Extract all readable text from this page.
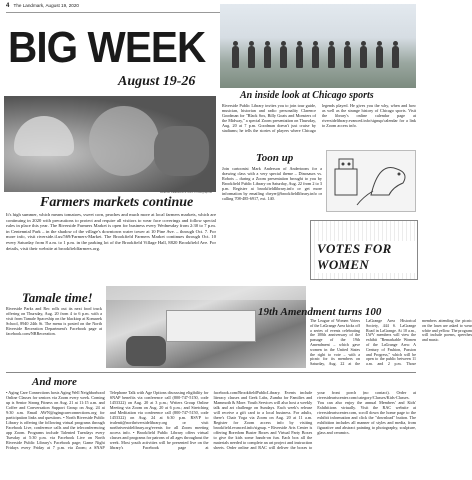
4 The Landmark, August 19, 2020
BIG WEEK
August 19-26
BLEND KEEGAN/STAFF Photographer
Farmers markets continue
It's high summer, which means tomatoes, sweet corn, peaches and much more at local farmers markets, which are continuing in 2020 with precautions to protect and require all visitors to wear face coverings and follow special rules in place this year. The Riverside Farmers Market is open for business every Wednesday from 2:30 to 7 p.m. in Centennial Park – in the shadow of the village's downtown water tower at 10 Pine Ave. – through Oct. 7. For more info, visit riverside.il.us/569/Farmers-Market. The Brookfield Farmers Market continues through Oct. 10 every Saturday from 8 a.m. to 1 p.m. in the parking lot of the Brookfield Village Hall, 8820 Brookfield Ave. For details, visit their website at brookfieldfarmers.org.
An inside look at Chicago sports
Riverside Public Library invites you to join tour guide, musician, historian and radio personality Clarence Goodman for "Black Sox, Billy Goats and Monsters of the Midway," a special Zoom presentation on Thursday, Aug. 20 at 7 p.m. Goodman doesn't just cruise by stadiums; he tells the stories of players where Chicago legends played. He gives you the why, when and how as well as the strange history of Chicago sports. Visit the library's online calendar page at riversidelibrary.evanced.info/signup/calendar for a link to Zoom access info.
Toon up
Join cartoonist Mark Anderson of Andertoons for a drawing class with a very special theme – Dinosaurs vs. Robots – during a Zoom presentation brought to you by Brookfield Public Library on Saturday, Aug. 22 from 2 to 3 p.m. Register at brookfieldlibrary.info or get more information by emailing cbeyer@brookfieldlibrary.info or calling 708-485-6917, ext. 140.
VOTES FOR WOMEN
Tamale time!
Riverside Parks and Rec rolls out its next food truck offering on Thursday, Aug. 20 from 4 to 6 p.m. with a visit from Tamale Spaceship on the blacktop at Komarek School, 8940 24th St. The menu is posted on the North Riverside Recreation Department's Facebook page at facebook.com/NRRecreation.
19th Amendment turns 100
The League of Women Voters of the LaGrange Area kicks off a series of events celebrating the 100th anniversary of the passage of the 19th Amendment – which gave women in the United States the right to vote – with a picnic for its members on Saturday, Aug. 22 at the LaGrange Area Historical Society, 444 S. LaGrange Road in LaGrange. At 10 a.m., LWV members will view the exhibit "Remarkable Women of the LaGrange Area: A Century of Fashion, Passion and Progress," which will be open to the public between 11 a.m. and 2 p.m. Those members attending the picnic on the lawn are asked to wear white and yellow. The program will include poems, speeches and music.
And more
• Aging Care Connections hosts Aging Well Neighborhood Online Classes for seniors via Zoom every week. Coming up is Senior Strong Fitness on Aug. 21 at 11:15 a.m. and Coffee and Conversation Support Group on Aug. 24 at 9:30 a.m. Email AWN@agingcareconnections.org for participation links and questions. • North Riverside Public Library is offering the following virtual programs through Facebook Live, conference calls and the teleconferencing app Zoom. Programs include Talented Tuesdays every Tuesday at 5:30 p.m. via Facebook Live on North Riverside Public Library's Facebook page; Game Night Fridays every Friday at 7 p.m. via Zoom; a SNAP Telephone Talk with Age Options discussing eligibility for SNAP benefits via conference call (800-747-5150, code 1453322) on Aug. 20 at 3 p.m.; Writers Group Online Meeting via Zoom on Aug. 20 at 6 p.m.; and Stretching and Meditation via conference call (800-747-5150, code 1453322) on Aug. 24 at 6:30 p.m. RSVP to tvalenti@northriversidelibrary.org or visit northriversidelibrary.org/events for all Zoom meeting access info. • Brookfield Public Library offers virtual classes and programs for patrons of all ages throughout the week. Most youth activities will be presented live on the library's Facebook page at facebook.com/BrookfieldPublicLibrary. Events include literacy classes and Geek Labs, Zumba for Families and Mammoth & More. Youth Services will also host a weekly talk and art challenge on Sundays. Each week's release will receive a gift card to a local business. For adults, there's Chair Yoga via Zoom on Aug. 20 at 11 a.m. Register for Zoom access info by visiting brookfield.evanced.info/signup. • Riverside Arts Center is offering Boredom Buster Boxes and Virtual Party Boxes to give the kids some hands-on fun. Each box all the materials needed to complete an art project and instruction sheets. Order online and RAC will deliver the boxes to your front porch (no contact). Order at riversideartscenter.com/category/Classes/Kids-Classes. You can also enjoy the annual Members' and Kids' Exhibitions virtually. Visit the RAC website at riversideartscenter.com, scroll down the home page to the exhibit information and click the "download" button. The exhibition includes all manner of styles and media, from figurative and abstract painting to photography, sculpture, glass and ceramics.
